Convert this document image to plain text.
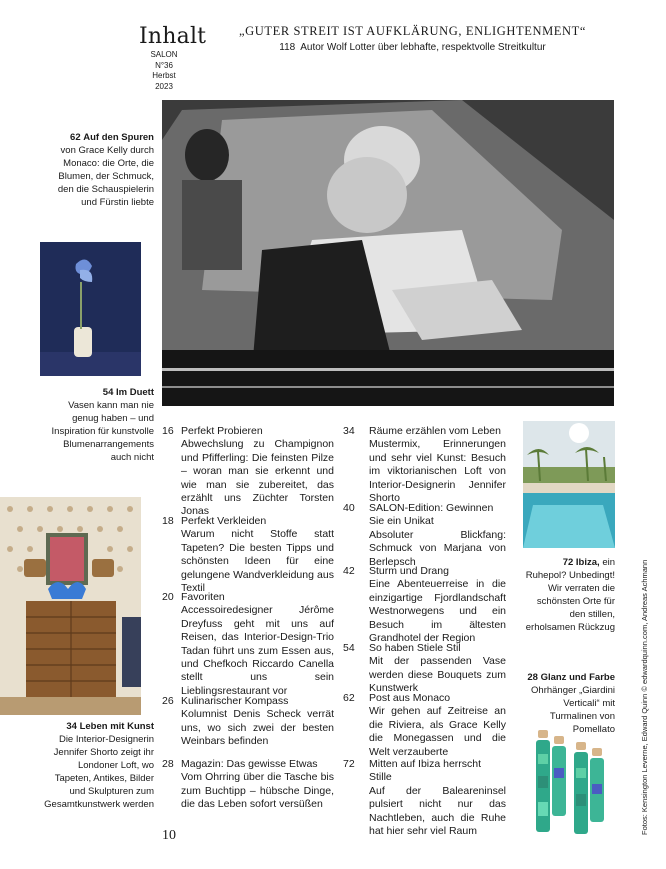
Inhalt
SALON
N°36
Herbst
2023
„GUTER STREIT IST AUFKLÄRUNG, ENLIGHTENMENT“
118 Autor Wolf Lotter über lebhafte, respektvolle Streitkultur
62 Auf den Spuren
von Grace Kelly durch Monaco: die Orte, die Blumen, der Schmuck, den die Schauspielerin und Fürstin liebte
54 Im Duett
Vasen kann man nie genug haben – und Inspiration für kunstvolle Blumenarrangements auch nicht
34 Leben mit Kunst
Die Interior-Designerin Jennifer Shorto zeigt ihr Londoner Loft, wo Tapeten, Antikes, Bilder und Skulpturen zum Gesamtkunstwerk werden
72 Ibiza, ein Ruhepol? Unbedingt! Wir verraten die schönsten Orte für den stillen, erholsamen Rückzug
28 Glanz und Farbe
Ohrhänger „Giardini Verticali“ mit Turmalinen von Pomellato
16 Perfekt Probieren
Abwechslung zu Champignon und Pfifferling: Die feinsten Pilze – woran man sie erkennt und wie man sie zubereitet, das erzählt uns Züchter Torsten Jonas
18 Perfekt Verkleiden
Warum nicht Stoffe statt Tapeten? Die besten Tipps und schönsten Ideen für eine gelungene Wandverkleidung aus Textil
20 Favoriten
Accessoiredesigner Jérôme Dreyfuss geht mit uns auf Reisen, das Interior-Design-Trio Tadan führt uns zum Essen aus, und Chefkoch Riccardo Canella stellt uns sein Lieblingsrestaurant vor
26 Kulinarischer Kompass
Kolumnist Denis Scheck verrät uns, wo sich zwei der besten Weinbars befinden
28 Magazin: Das gewisse Etwas
Vom Ohrring über die Tasche bis zum Buchtipp – hübsche Dinge, die das Leben sofort versüßen
34	Räume erzählen vom Leben
Mustermix, Erinnerungen und sehr viel Kunst: Besuch im viktorianischen Loft von Interior-Designerin Jennifer Shorto
40	SALON-Edition: Gewinnen Sie ein Unikat
Absoluter Blickfang: Schmuck von Marjana von Berlepsch
42	Sturm und Drang
Eine Abenteuerreise in die einzigartige Fjordlandschaft Westnorwegens und ein Besuch im ältesten Grandhotel der Region
54	So haben Stiele Stil
Mit der passenden Vase werden diese Bouquets zum Kunstwerk
62	Post aus Monaco
Wir gehen auf Zeitreise an die Riviera, als Grace Kelly die Monegassen und die Welt verzauberte
72	Mitten auf Ibiza herrscht Stille
Auf der Baleareninsel pulsiert nicht nur das Nachtleben, auch die Ruhe hat hier sehr viel Raum
10
Fotos: Kensington Leverne, Edward Quinn © edwardquinn.com, Andreas Achmann
